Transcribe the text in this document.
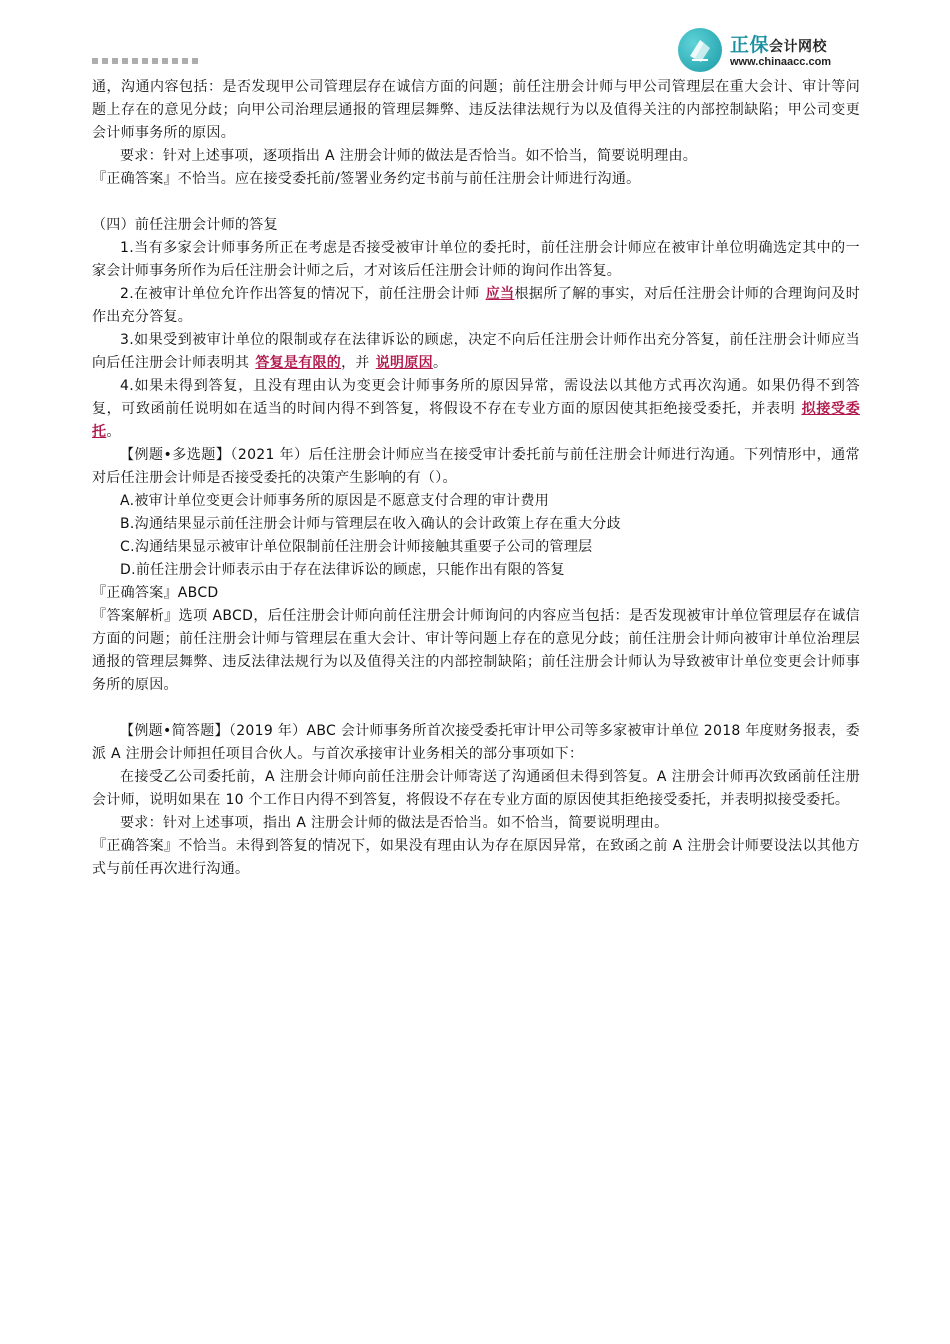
正保会计网校
www.chinaacc.com

通，沟通内容包括：是否发现甲公司管理层存在诚信方面的问题；前任注册会计师与甲公司管理层在重大会计、审计等问题上存在的意见分歧；向甲公司治理层通报的管理层舞弊、违反法律法规行为以及值得关注的内部控制缺陷；甲公司变更会计师事务所的原因。

要求：针对上述事项，逐项指出 A 注册会计师的做法是否恰当。如不恰当，简要说明理由。

『正确答案』不恰当。应在接受委托前/签署业务约定书前与前任注册会计师进行沟通。

（四）前任注册会计师的答复

1.当有多家会计师事务所正在考虑是否接受被审计单位的委托时，前任注册会计师应在被审计单位明确选定其中的一家会计师事务所作为后任注册会计师之后，才对该后任注册会计师的询问作出答复。

2.在被审计单位允许作出答复的情况下，前任注册会计师 应当根据所了解的事实，对后任注册会计师的合理询问及时作出充分答复。

3.如果受到被审计单位的限制或存在法律诉讼的顾虑，决定不向后任注册会计师作出充分答复，前任注册会计师应当向后任注册会计师表明其 答复是有限的，并 说明原因。

4.如果未得到答复，且没有理由认为变更会计师事务所的原因异常，需设法以其他方式再次沟通。如果仍得不到答复，可致函前任说明如在适当的时间内得不到答复，将假设不存在专业方面的原因使其拒绝接受委托，并表明 拟接受委托。

【例题•多选题】（2021 年）后任注册会计师应当在接受审计委托前与前任注册会计师进行沟通。下列情形中，通常对后任注册会计师是否接受委托的决策产生影响的有（）。

A.被审计单位变更会计师事务所的原因是不愿意支付合理的审计费用

B.沟通结果显示前任注册会计师与管理层在收入确认的会计政策上存在重大分歧

C.沟通结果显示被审计单位限制前任注册会计师接触其重要子公司的管理层

D.前任注册会计师表示由于存在法律诉讼的顾虑，只能作出有限的答复

『正确答案』ABCD

『答案解析』选项 ABCD，后任注册会计师向前任注册会计师询问的内容应当包括：是否发现被审计单位管理层存在诚信方面的问题；前任注册会计师与管理层在重大会计、审计等问题上存在的意见分歧；前任注册会计师向被审计单位治理层通报的管理层舞弊、违反法律法规行为以及值得关注的内部控制缺陷；前任注册会计师认为导致被审计单位变更会计师事务所的原因。

【例题•简答题】（2019 年）ABC 会计师事务所首次接受委托审计甲公司等多家被审计单位 2018 年度财务报表，委派 A 注册会计师担任项目合伙人。与首次承接审计业务相关的部分事项如下：

在接受乙公司委托前，A 注册会计师向前任注册会计师寄送了沟通函但未得到答复。A 注册会计师再次致函前任注册会计师，说明如果在 10 个工作日内得不到答复，将假设不存在专业方面的原因使其拒绝接受委托，并表明拟接受委托。

要求：针对上述事项，指出 A 注册会计师的做法是否恰当。如不恰当，简要说明理由。

『正确答案』不恰当。未得到答复的情况下，如果没有理由认为存在原因异常，在致函之前 A 注册会计师要设法以其他方式与前任再次进行沟通。
